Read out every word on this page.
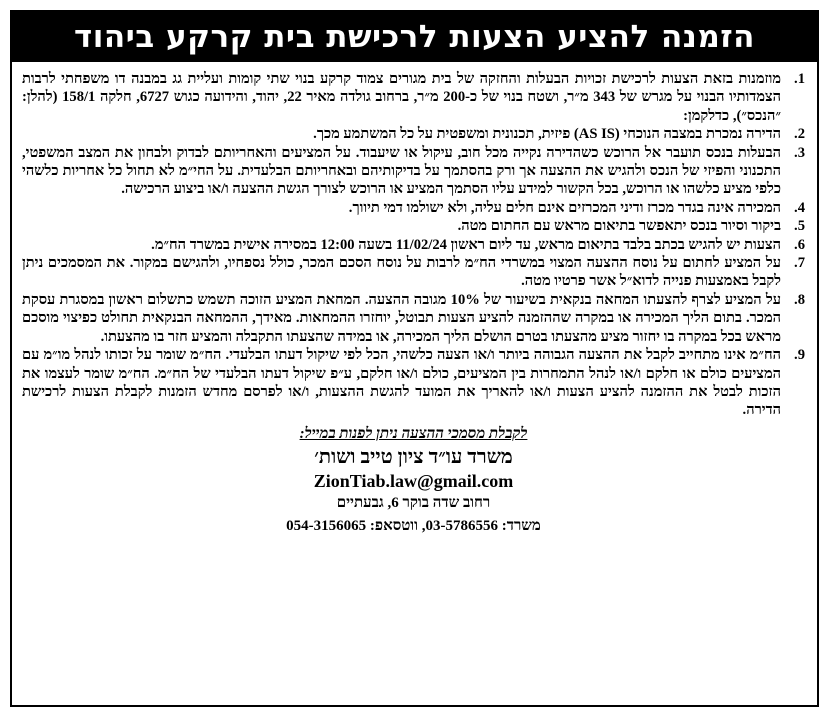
הזמנה להציע הצעות לרכישת בית קרקע ביהוד
1.
מוזמנות בזאת הצעות לרכישת זכויות הבעלות והחזקה של בית מגורים צמוד קרקע בנוי שתי קומות ועליית גג במבנה דו משפחתי לרבות הצמדותיו הבנוי על מגרש של 343 מ״ר, ושטח בנוי של כ-200 מ״ר, ברחוב גולדה מאיר 22, יהוד, והידועה כגוש 6727, חלקה 158/1 (להלן: ״הנכס״), כדלקמן:
2.
הדירה נמכרת במצבה הנוכחי (AS IS) פיזית, תכנונית ומשפטית על כל המשתמע מכך.
3.
הבעלות בנכס תועבר אל הרוכש כשהדירה נקייה מכל חוב, עיקול או שיעבוד. על המציעים והאחריותם לבדוק ולבחון את המצב המשפטי, התכנוני והפיזי של הנכס ולהגיש את ההצעה אך ורק בהסתמך על בדיקותיהם ובאחריותם הבלעדית. על החי״מ לא תחול כל אחריות כלשהי כלפי מציע כלשהו או הרוכש, בכל הקשור למידע עליו הסתמך המציע או הרוכש לצורך הגשת ההצעה ו/או ביצוע הרכישה.
4.
המכירה אינה בגדר מכרז ודיני המכרזים אינם חלים עליה, ולא ישולמו דמי תיווך.
5.
ביקור וסיור בנכס יתאפשר בתיאום מראש עם החתום מטה.
6.
הצעות יש להגיש בכתב בלבד בתיאום מראש, עד ליום ראשון 11/02/24 בשעה 12:00 במסירה אישית במשרד הח״מ.
7.
על המציע לחתום על נוסח ההצעה המצוי במשרדי הח״מ לרבות על נוסח הסכם המכר, כולל נספחיו, ולהגישם במקור. את המסמכים ניתן לקבל באמצעות פנייה לדוא״ל אשר פרטיו מטה.
8.
על המציע לצרף להצעתו המחאה בנקאית בשיעור של 10% מגובה ההצעה. המחאת המציע הזוכה תשמש כתשלום ראשון במסגרת עסקת המכר. בתום הליך המכירה או במקרה שההזמנה להציע הצעות תבוטל, יוחזרו ההמחאות. מאידך, ההמחאה הבנקאית תחולט כפיצוי מוסכם מראש בכל במקרה בו יחזור מציע מהצעתו בטרם הושלם הליך המכירה, או במידה שהצעתו התקבלה והמציע חזר בו מהצעתו.
9.
הח״מ אינו מתחייב לקבל את ההצעה הגבוהה ביותר ו/או הצעה כלשהי, הכל לפי שיקול דעתו הבלעדי. הח״מ שומר על זכותו לנהל מו״מ עם המציעים כולם או חלקם ו/או לנהל התמחרות בין המציעים, כולם ו/או חלקם, ע״פ שיקול דעתו הבלעדי של הח״מ. הח״מ שומר לעצמו את הזכות לבטל את ההזמנה להציע הצעות ו/או להאריך את המועד להגשת ההצעות, ו/או לפרסם מחדש הזמנות לקבלת הצעות לרכישת הדירה.
לקבלת מסמכי ההצעה ניתן לפנות במייל:
משרד עו״ד ציון טייב ושות׳
ZionTiab.law@gmail.com
רחוב שדה בוקר 6, גבעתיים
משרד: 03-5786556, ווטסאפ: 054-3156065
